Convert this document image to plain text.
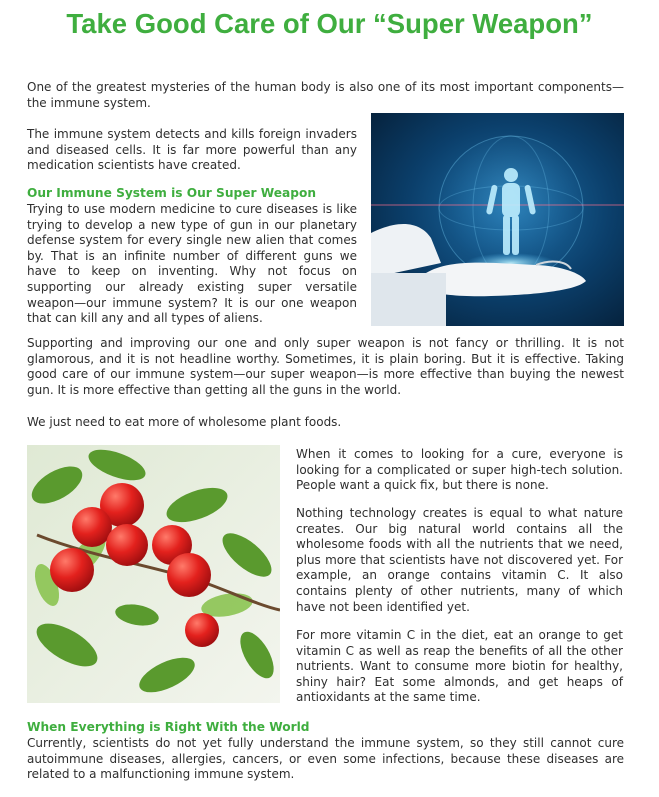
Take Good Care of Our “Super Weapon”

One of the greatest mysteries of the human body is also one of its most important components—the immune system.

The immune system detects and kills foreign invaders and diseased cells. It is far more powerful than any medication scientists have created.

Our Immune System is Our Super Weapon

Trying to use modern medicine to cure diseases is like trying to develop a new type of gun in our planetary defense system for every single new alien that comes by. That is an infinite number of different guns we have to keep on inventing. Why not focus on supporting our already existing super versatile weapon—our immune system? It is our one weapon that can kill any and all types of aliens.

Supporting and improving our one and only super weapon is not fancy or thrilling. It is not glamorous, and it is not headline worthy. Sometimes, it is plain boring. But it is effective. Taking good care of our immune system—our super weapon—is more effective than buying the newest gun. It is more effective than getting all the guns in the world.

We just need to eat more of wholesome plant foods.

When it comes to looking for a cure, everyone is looking for a complicated or super high-tech solution. People want a quick fix, but there is none.

Nothing technology creates is equal to what nature creates. Our big natural world contains all the wholesome foods with all the nutrients that we need, plus more that scientists have not discovered yet. For example, an orange contains vitamin C. It also contains plenty of other nutrients, many of which have not been identified yet.

For more vitamin C in the diet, eat an orange to get vitamin C as well as reap the benefits of all the other nutrients. Want to consume more biotin for healthy, shiny hair? Eat some almonds, and get heaps of antioxidants at the same time.

When Everything is Right With the World

Currently, scientists do not yet fully understand the immune system, so they still cannot cure autoimmune diseases, allergies, cancers, or even some infections, because these diseases are related to a malfunctioning immune system.
